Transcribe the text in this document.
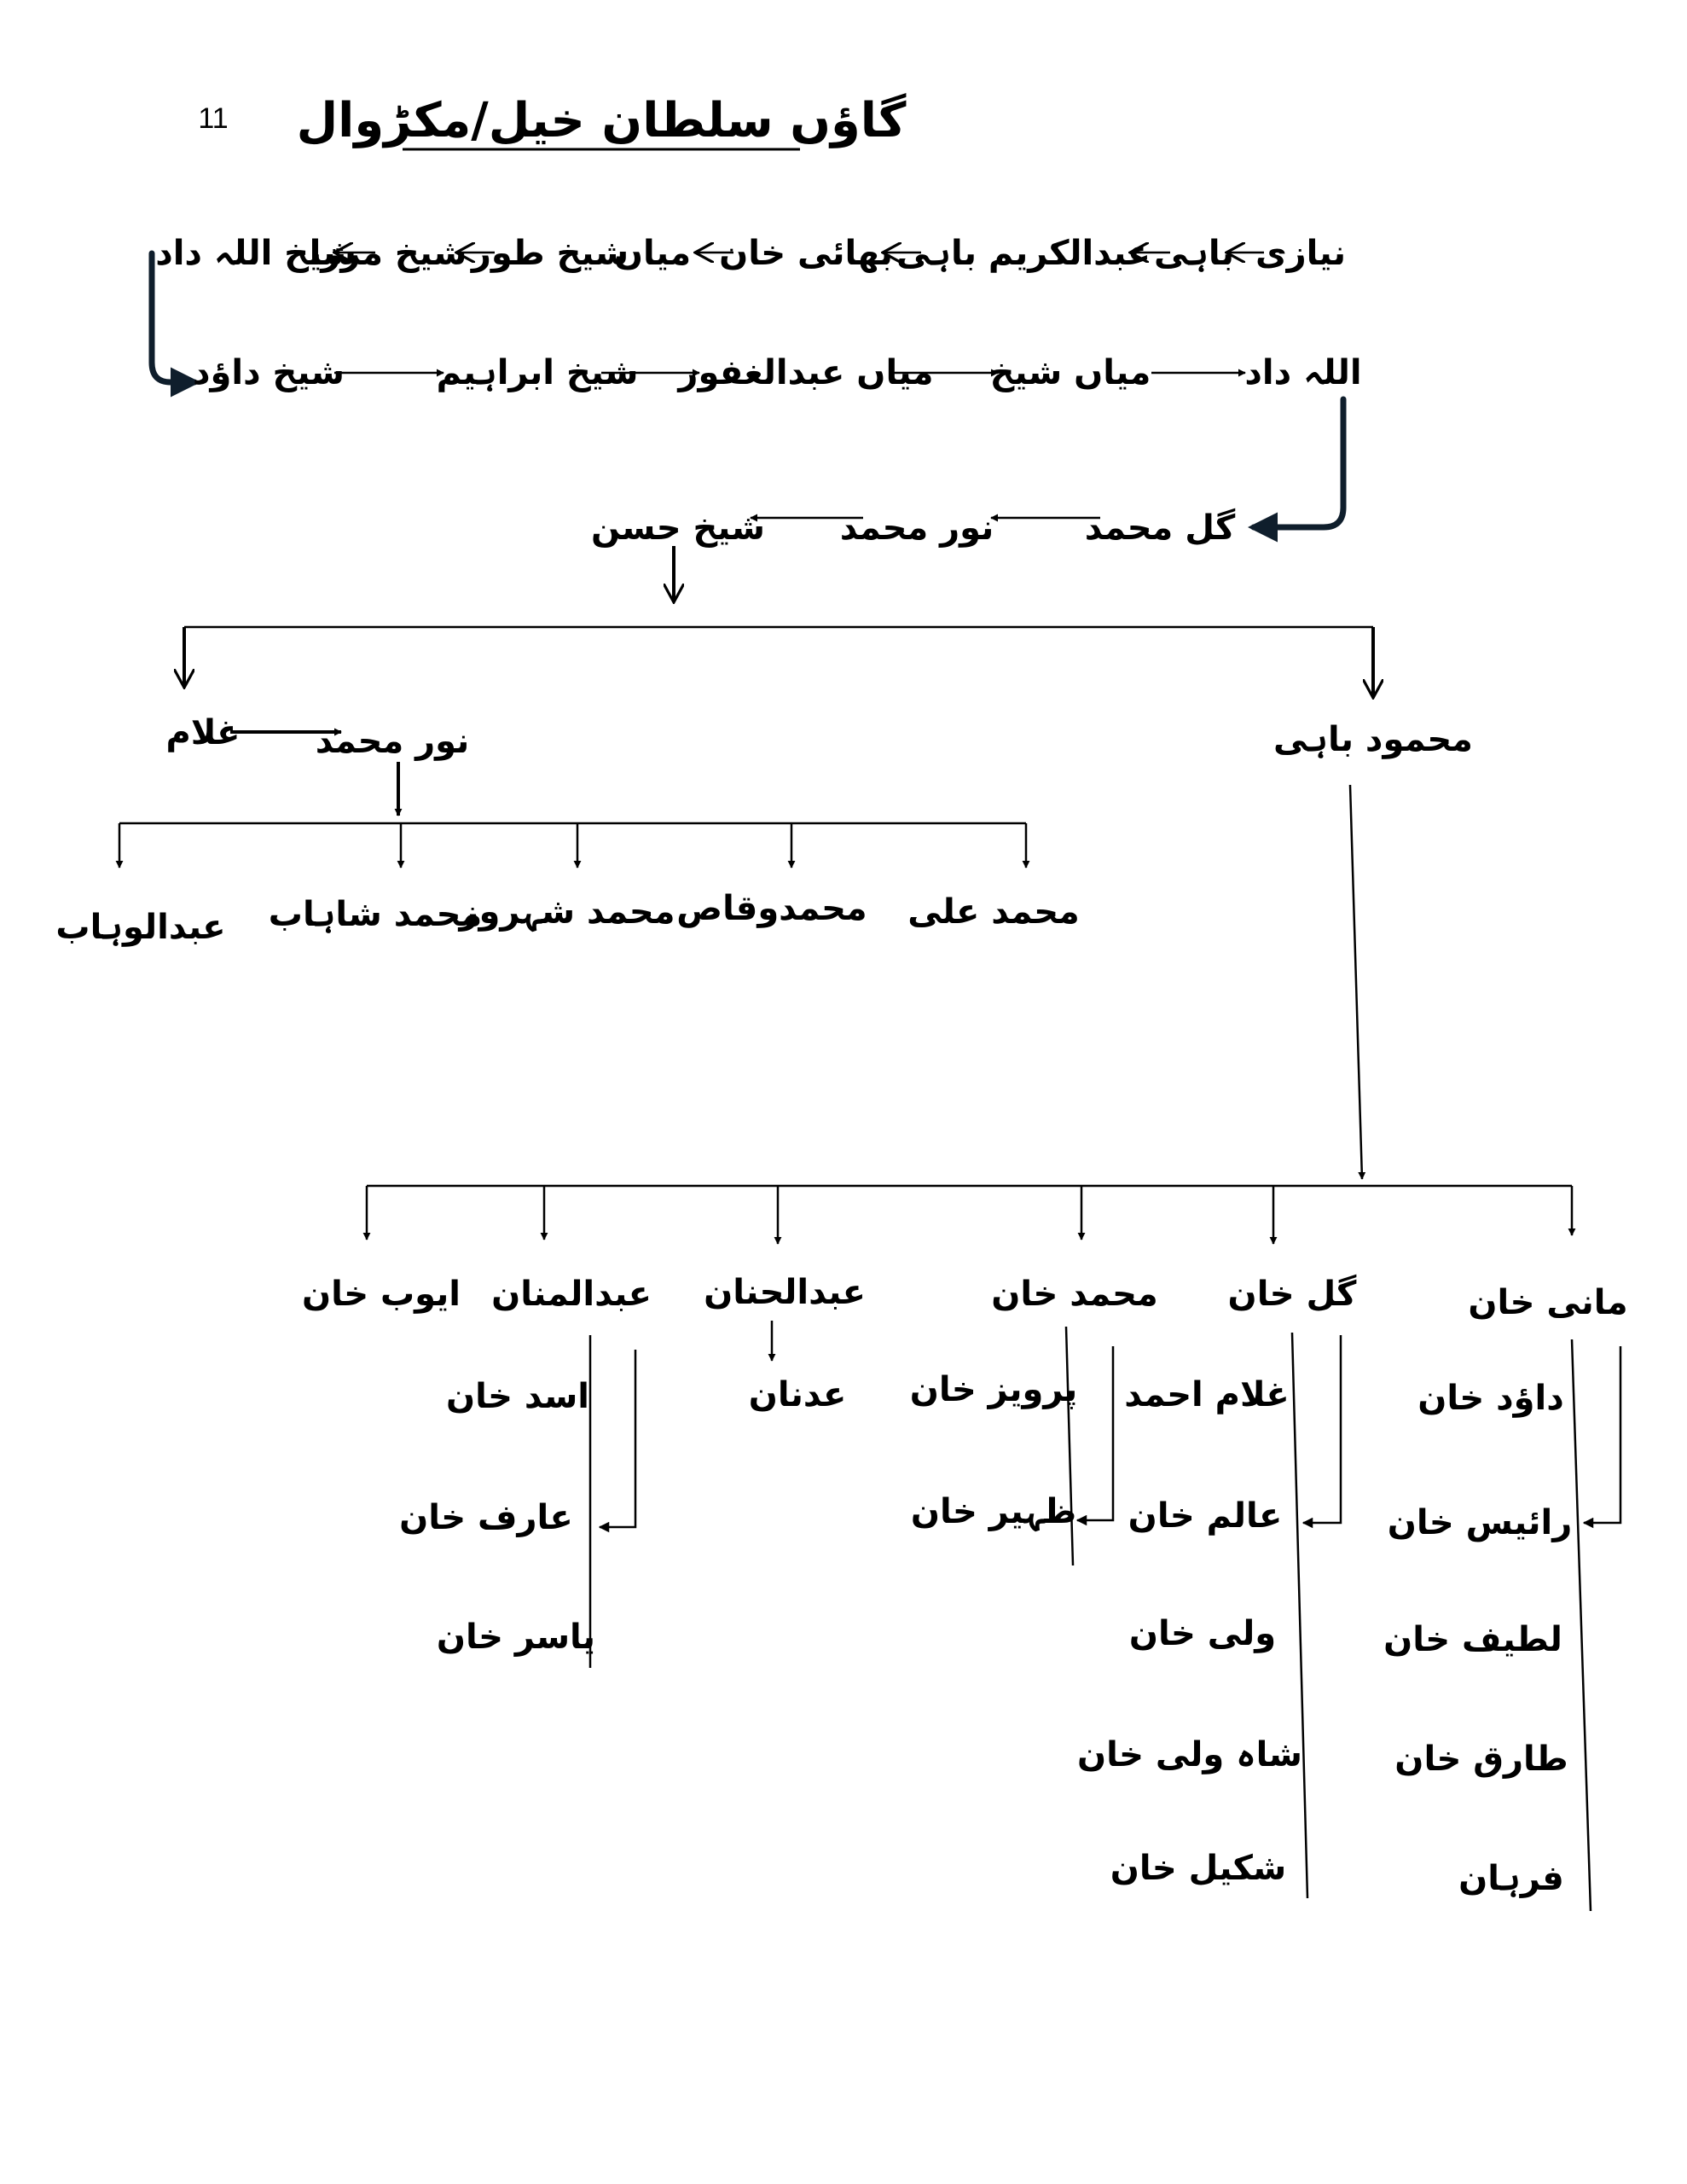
11 گاؤں سلطان خیل/مکڑوال
نیازی
باہی
عبدالکریم باہی
بھائی خان
میاں
شیخ طور
شیخ مرزا
شیخ اللہ داد
شیخ داؤد	شیخ ابراہیم میاں عبدالغفور میاں شیخ	اللہ داد
گل محمد
نور محمد
شیخ حسن
غلام نور محمد
محمد علی
محمدوقاص
محمد شہروز
محمد شاہاب
عبدالوہاب
محمود باہی
مانی خان
داؤد خان
رائیس خان
لطیف خان
طارق خان
فرہان
گل خان
غلام احمد
عالم خان
ولی خان
شاہ ولی خان
شکیل خان
محمد خان
پرویز خان
ظہیر خان
عبدالحنان
عدنان
عبدالمنان
اسد خان
عارف خان
یاسر خان
ایوب خان
